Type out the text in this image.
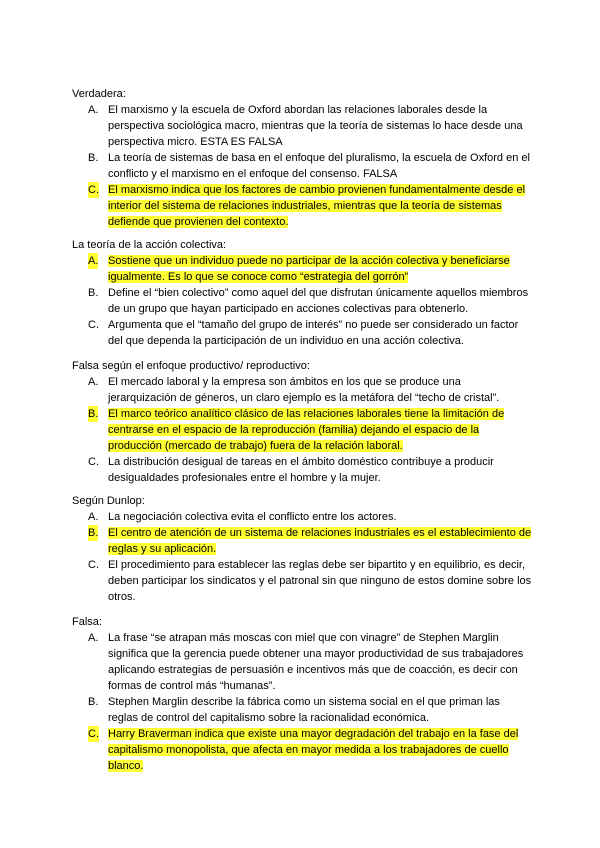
Verdadera:

A. El marxismo y la escuela de Oxford abordan las relaciones laborales desde la perspectiva sociológica macro, mientras que la teoría de sistemas lo hace desde una perspectiva micro. ESTA ES FALSA

B. La teoría de sistemas de basa en el enfoque del pluralismo, la escuela de Oxford en el conflicto y el marxismo en el enfoque del consenso. FALSA

C. El marxismo indica que los factores de cambio provienen fundamentalmente desde el interior del sistema de relaciones industriales, mientras que la teoría de sistemas defiende que provienen del contexto.

La teoría de la acción colectiva:

A. Sostiene que un individuo puede no participar de la acción colectiva y beneficiarse igualmente. Es lo que se conoce como “estrategia del gorrón”

B. Define el “bien colectivo” como aquel del que disfrutan únicamente aquellos miembros de un grupo que hayan participado en acciones colectivas para obtenerlo.

C. Argumenta que el “tamaño del grupo de interés” no puede ser considerado un factor del que dependa la participación de un individuo en una acción colectiva.

Falsa según el enfoque productivo/ reproductivo:

A. El mercado laboral y la empresa son ámbitos en los que se produce una jerarquización de géneros, un claro ejemplo es la metáfora del “techo de cristal”.

B. El marco teórico analítico clásico de las relaciones laborales tiene la limitación de centrarse en el espacio de la reproducción (familia) dejando el espacio de la producción (mercado de trabajo) fuera de la relación laboral.

C. La distribución desigual de tareas en el ámbito doméstico contribuye a producir desigualdades profesionales entre el hombre y la mujer.

Según Dunlop:

A. La negociación colectiva evita el conflicto entre los actores.

B. El centro de atención de un sistema de relaciones industriales es el establecimiento de reglas y su aplicación.

C. El procedimiento para establecer las reglas debe ser bipartito y en equilibrio, es decir, deben participar los sindicatos y el patronal sin que ninguno de estos domine sobre los otros.

Falsa:

A. La frase “se atrapan más moscas con miel que con vinagre” de Stephen Marglin significa que la gerencia puede obtener una mayor productividad de sus trabajadores aplicando estrategias de persuasión e incentivos más que de coacción, es decir con formas de control más “humanas”.

B. Stephen Marglin describe la fábrica como un sistema social en el que priman las reglas de control del capitalismo sobre la racionalidad económica.

C. Harry Braverman indica que existe una mayor degradación del trabajo en la fase del capitalismo monopolista, que afecta en mayor medida a los trabajadores de cuello blanco.
